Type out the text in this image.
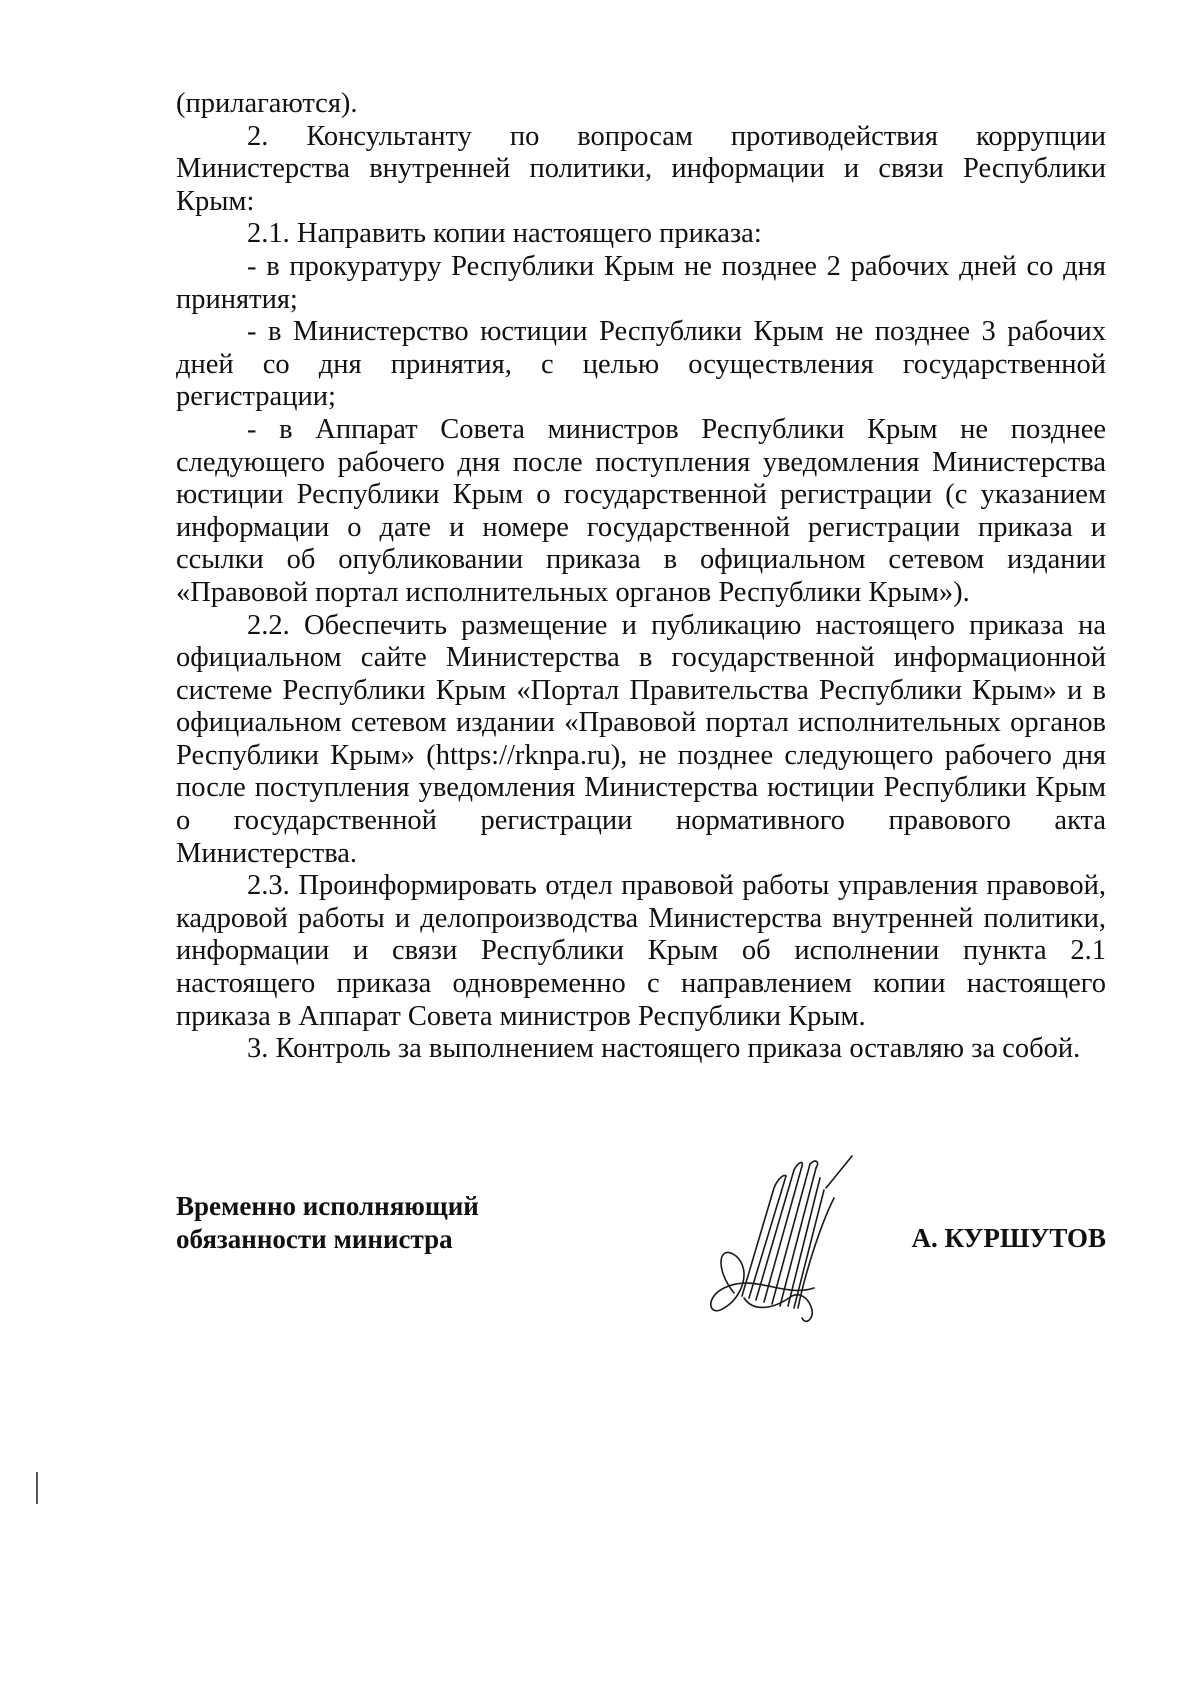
(прилагаются).

2. Консультанту по вопросам противодействия коррупции Министерства внутренней политики, информации и связи Республики Крым:

2.1. Направить копии настоящего приказа:

- в прокуратуру Республики Крым не позднее 2 рабочих дней со дня принятия;

- в Министерство юстиции Республики Крым не позднее 3 рабочих дней со дня принятия, с целью осуществления государственной регистрации;

- в Аппарат Совета министров Республики Крым не позднее следующего рабочего дня после поступления уведомления Министерства юстиции Республики Крым о государственной регистрации (с указанием информации о дате и номере государственной регистрации приказа и ссылки об опубликовании приказа в официальном сетевом издании «Правовой портал исполнительных органов Республики Крым»).

2.2. Обеспечить размещение и публикацию настоящего приказа на официальном сайте Министерства в государственной информационной системе Республики Крым «Портал Правительства Республики Крым» и в официальном сетевом издании «Правовой портал исполнительных органов Республики Крым» (https://rknpa.ru), не позднее следующего рабочего дня после поступления уведомления Министерства юстиции Республики Крым о государственной регистрации нормативного правового акта Министерства.

2.3. Проинформировать отдел правовой работы управления правовой, кадровой работы и делопроизводства Министерства внутренней политики, информации и связи Республики Крым об исполнении пункта 2.1 настоящего приказа одновременно с направлением копии настоящего приказа в Аппарат Совета министров Республики Крым.

3. Контроль за выполнением настоящего приказа оставляю за собой.

Временно исполняющий
обязанности министра	А. КУРШУТОВ
